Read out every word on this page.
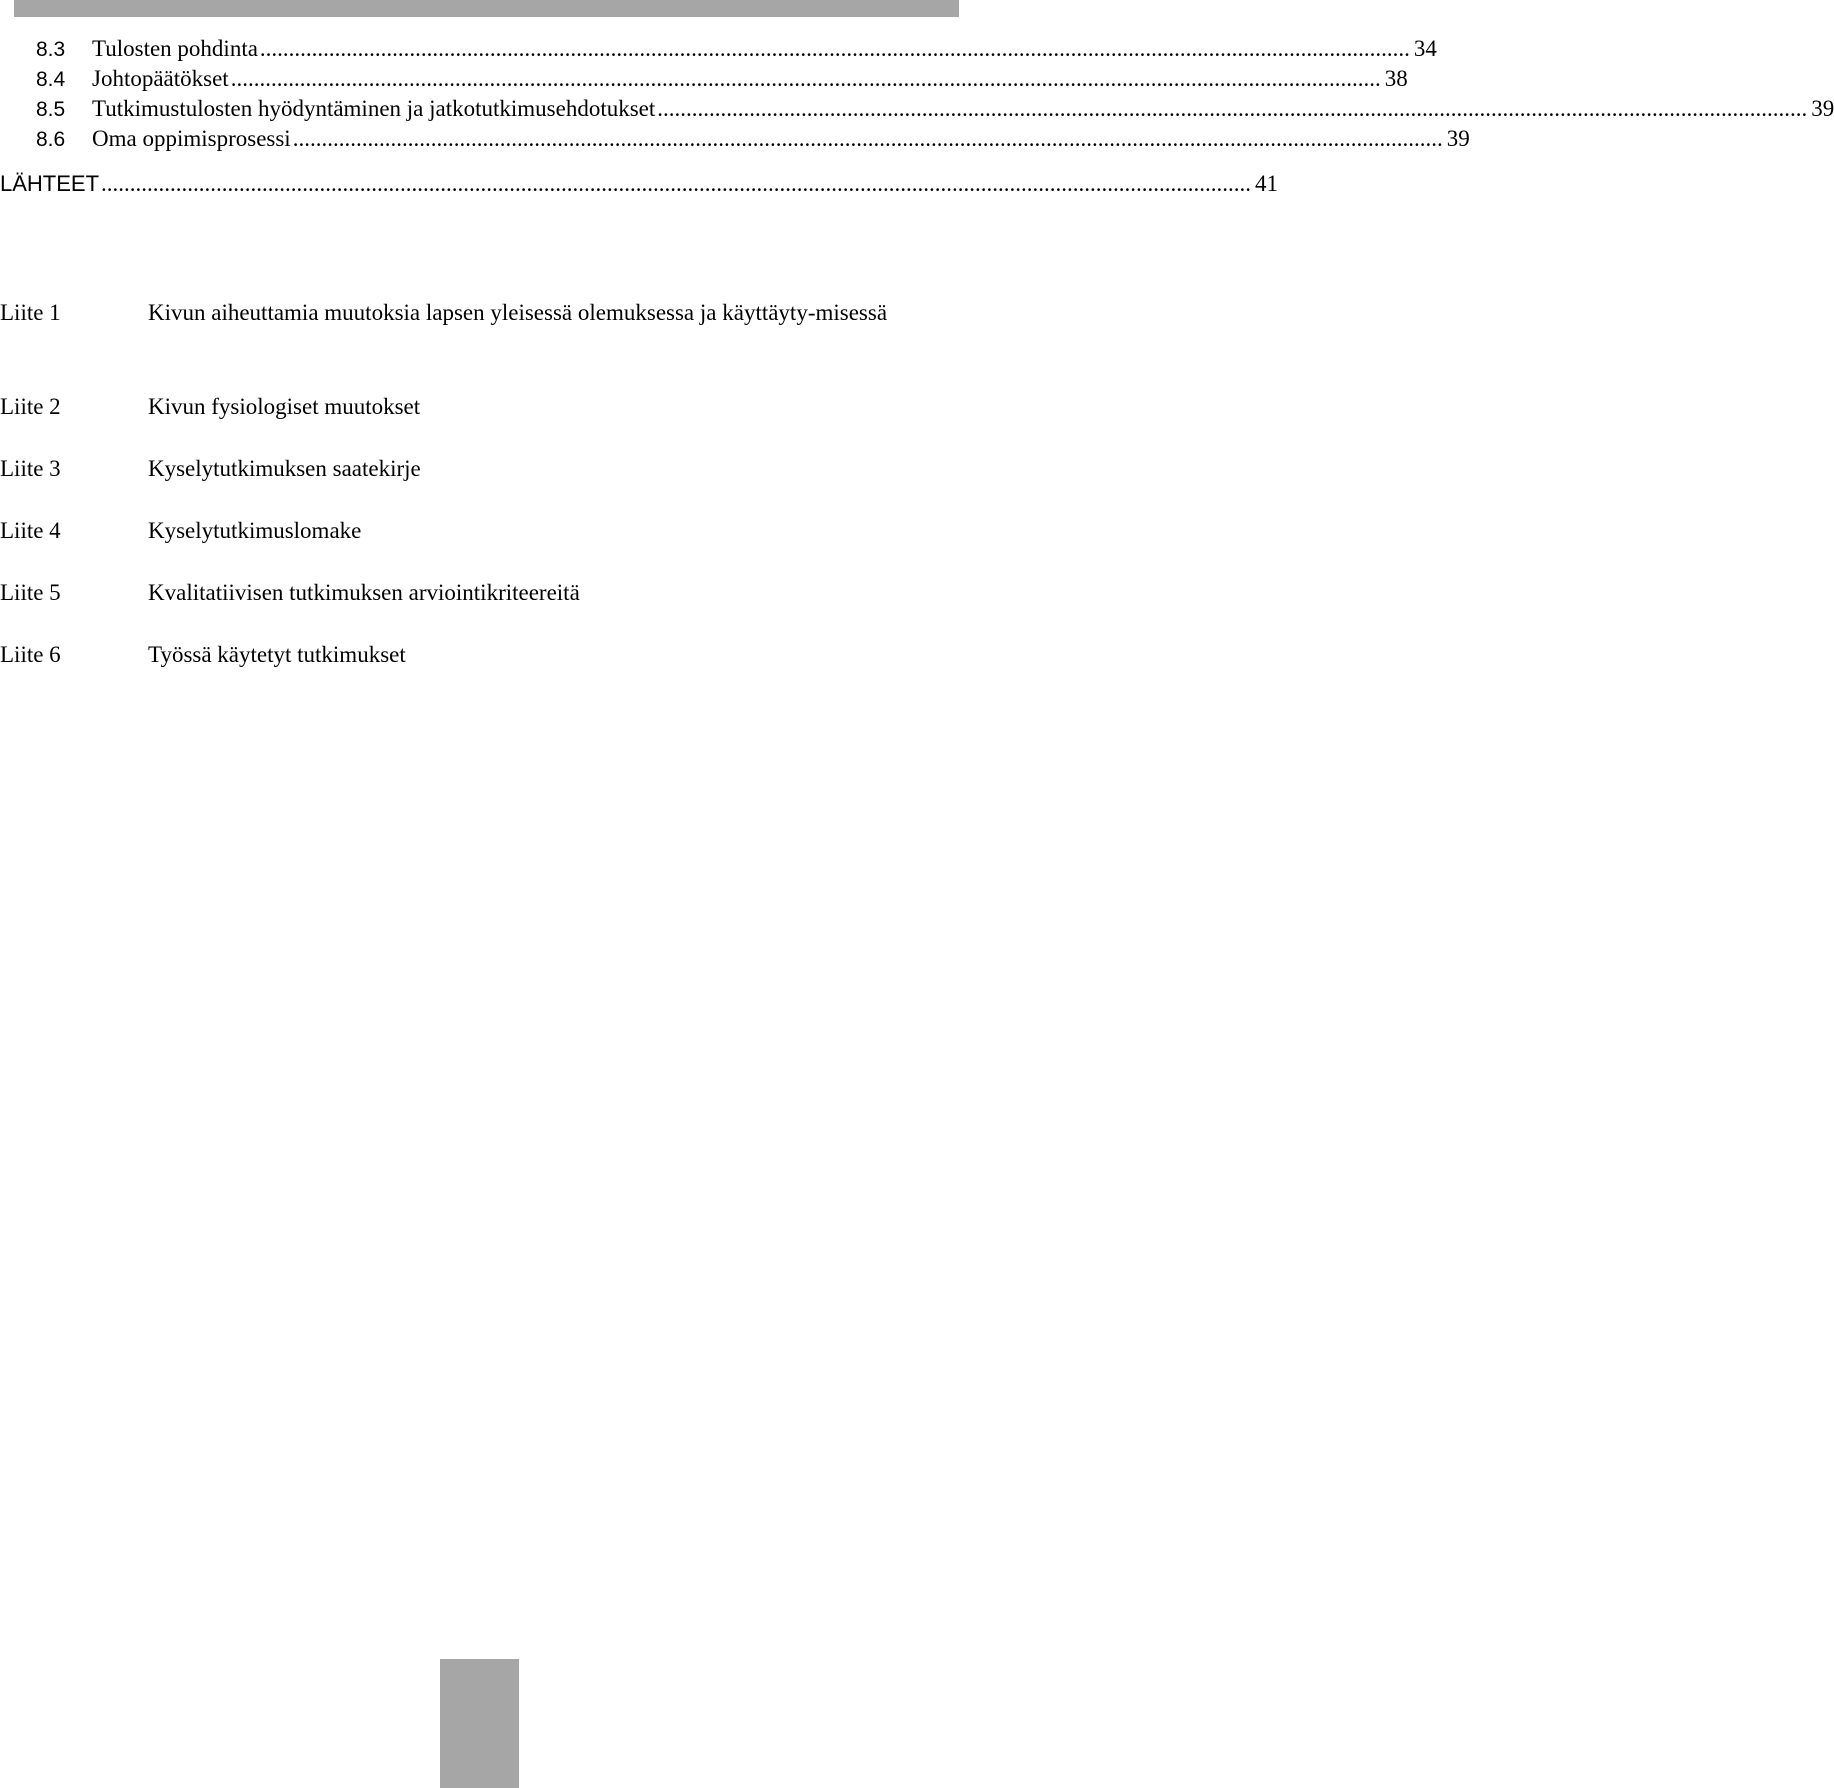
8.3	Tulosten pohdinta ........................................................................................................................................................................................................ 34
8.4	Johtopäätökset ........................................................................................................................................................................................................ 38
8.5	Tutkimustulosten hyödyntäminen ja jatkotutkimusehdotukset ........................................................................................................................................................................................................ 39
8.6	Oma oppimisprosessi ........................................................................................................................................................................................................ 39
LÄHTEET ........................................................................................................................................................................................................ 41
Liite 1	Kivun aiheuttamia muutoksia lapsen yleisessä olemuksessa ja käyttäyty-misessä
Liite 2	Kivun fysiologiset muutokset
Liite 3	Kyselytutkimuksen saatekirje
Liite 4	Kyselytutkimuslomake
Liite 5	Kvalitatiivisen tutkimuksen arviointikriteereitä
Liite 6	Työssä käytetyt tutkimukset
